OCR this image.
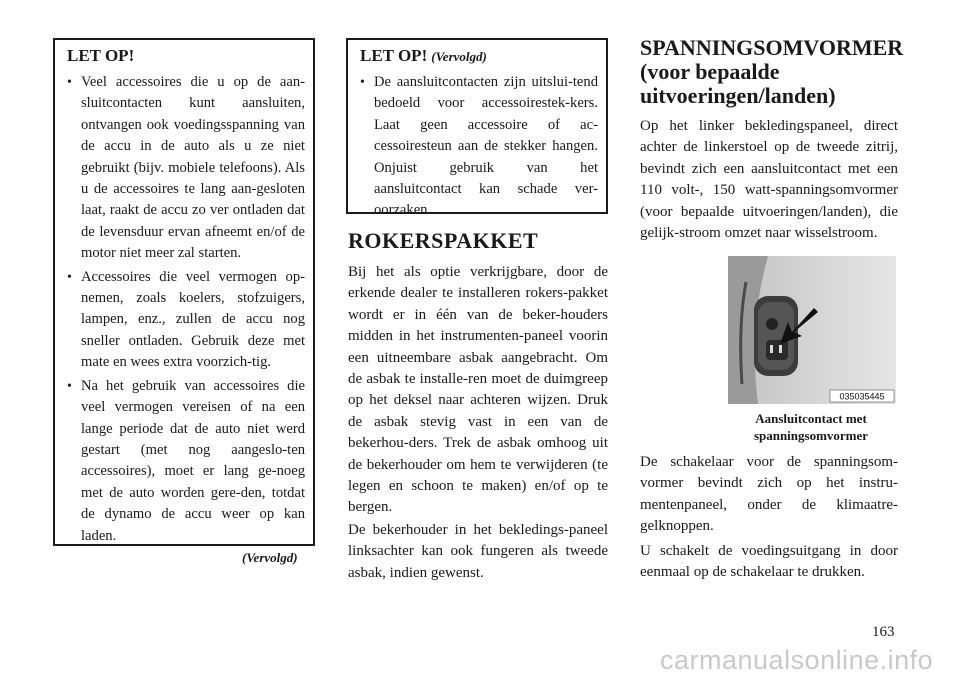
LET OP!
• Veel accessoires die u op de aan-sluitcontacten kunt aansluiten, ontvangen ook voedingsspanning van de accu in de auto als u ze niet gebruikt (bijv. mobiele telefoons). Als u de accessoires te lang aan-gesloten laat, raakt de accu zo ver ontladen dat de levensduur ervan afneemt en/of de motor niet meer zal starten.
• Accessoires die veel vermogen op-nemen, zoals koelers, stofzuigers, lampen, enz., zullen de accu nog sneller ontladen. Gebruik deze met mate en wees extra voorzich-tig.
• Na het gebruik van accessoires die veel vermogen vereisen of na een lange periode dat de auto niet werd gestart (met nog aangeslo-ten accessoires), moet er lang ge-noeg met de auto worden gere-den, totdat de dynamo de accu weer op kan laden.
(Vervolgd)
LET OP! (Vervolgd)
• De aansluitcontacten zijn uitslui-tend bedoeld voor accessoirestek-kers. Laat geen accessoire of ac-cessoiresteun aan de stekker hangen. Onjuist gebruik van het aansluitcontact kan schade ver-oorzaken.
ROKERSPAKKET

Bij het als optie verkrijgbare, door de erkende dealer te installeren rokers-pakket wordt er in één van de beker-houders midden in het instrumenten-paneel voorin een uitneembare asbak aangebracht. Om de asbak te installe-ren moet de duimgreep op het deksel naar achteren wijzen. Druk de asbak stevig vast in een van de bekerhou-ders. Trek de asbak omhoog uit de bekerhouder om hem te verwijderen (te legen en schoon te maken) en/of op te bergen.

De bekerhouder in het bekledings-paneel linksachter kan ook fungeren als tweede asbak, indien gewenst.

SPANNINGSOMVORMER
(voor bepaalde
uitvoeringen/landen)

Op het linker bekledingspaneel, direct achter de linkerstoel op de tweede zitrij, bevindt zich een aansluitcontact met een 110 volt-, 150 watt-spanningsomvormer (voor bepaalde uitvoeringen/landen), die gelijk-stroom omzet naar wisselstroom.

035035445
Aansluitcontact met
spanningsomvormer

De schakelaar voor de spanningsom-vormer bevindt zich op het instru-mentenpaneel, onder de klimaatre-gelknoppen.

U schakelt de voedingsuitgang in door eenmaal op de schakelaar te drukken.

163
carmanualsonline.info
